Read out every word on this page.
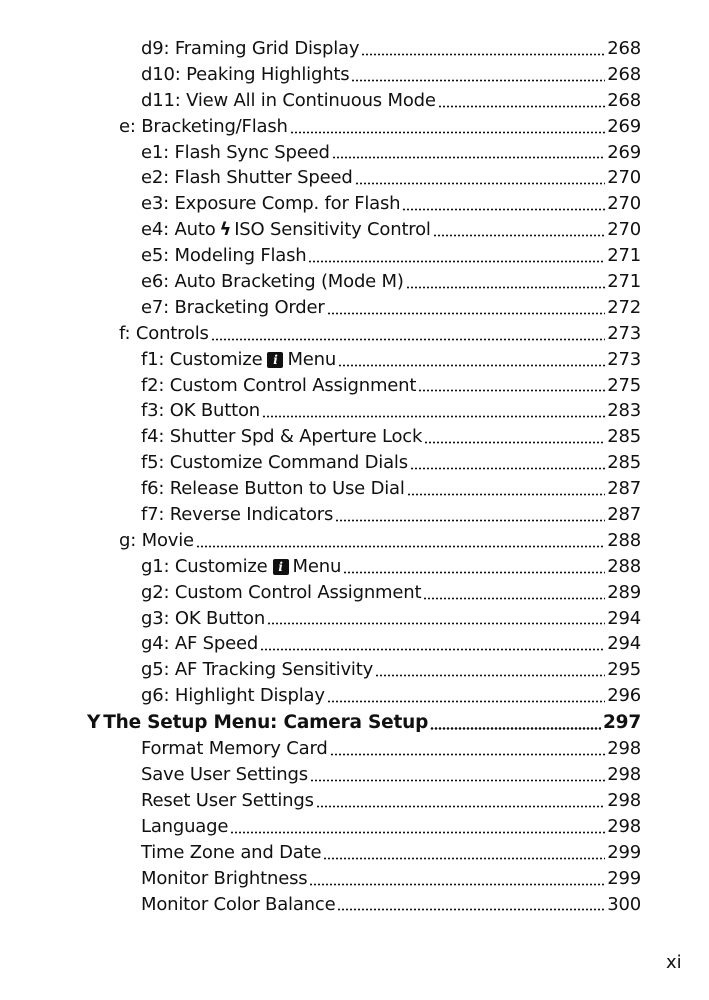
d9: Framing Grid Display	268
d10: Peaking Highlights	268
d11: View All in Continuous Mode	268
e: Bracketing/Flash	269
e1: Flash Sync Speed	269
e2: Flash Shutter Speed	270
e3: Exposure Comp. for Flash	270
e4: Auto ϟ ISO Sensitivity Control	270
e5: Modeling Flash	271
e6: Auto Bracketing (Mode M)	271
e7: Bracketing Order	272
f: Controls	273
f1: Customize i Menu	273
f2: Custom Control Assignment	275
f3: OK Button	283
f4: Shutter Spd & Aperture Lock	285
f5: Customize Command Dials	285
f6: Release Button to Use Dial	287
f7: Reverse Indicators	287
g: Movie	288
g1: Customize i Menu	288
g2: Custom Control Assignment	289
g3: OK Button	294
g4: AF Speed	294
g5: AF Tracking Sensitivity	295
g6: Highlight Display	296
Y The Setup Menu: Camera Setup	297
Format Memory Card	298
Save User Settings	298
Reset User Settings	298
Language	298
Time Zone and Date	299
Monitor Brightness	299
Monitor Color Balance	300
xi
